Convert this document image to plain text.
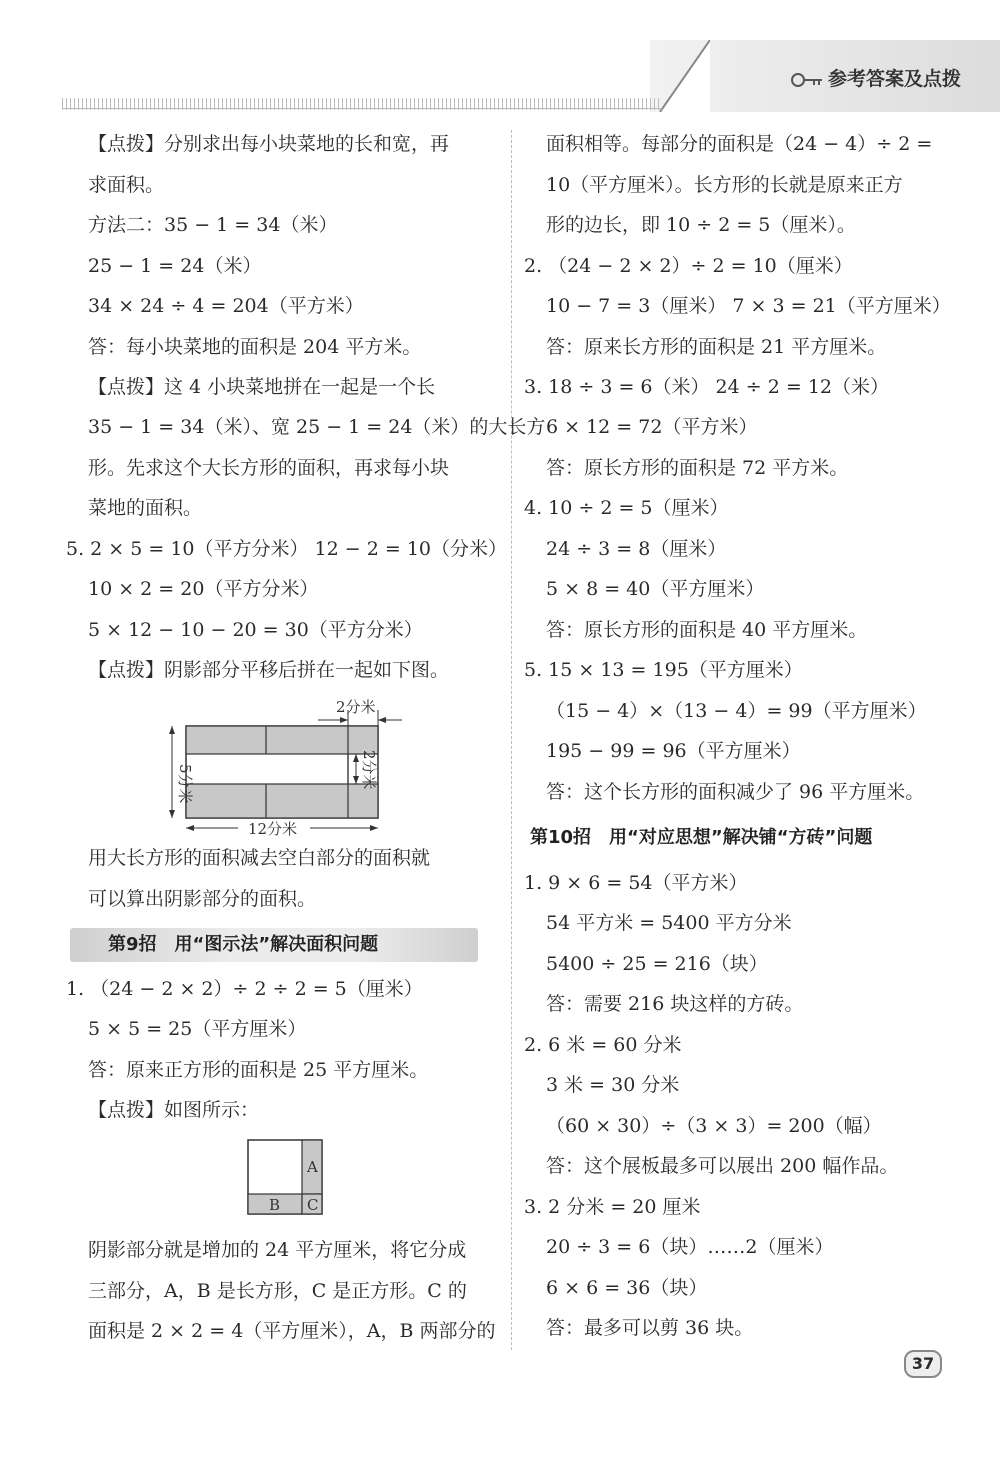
参考答案及点拨
【点拨】分别求出每小块菜地的长和宽，再
求面积。
方法二：35 − 1 = 34（米）
25 − 1 = 24（米）
34 × 24 ÷ 4 = 204（平方米）
答：每小块菜地的面积是 204 平方米。
【点拨】这 4 小块菜地拼在一起是一个长
35 − 1 = 34（米）、宽 25 − 1 = 24（米）的大长方
形。先求这个大长方形的面积，再求每小块
菜地的面积。
5. 2 × 5 = 10（平方分米） 12 − 2 = 10（分米）
10 × 2 = 20（平方分米）
5 × 12 − 10 − 20 = 30（平方分米）
【点拨】阴影部分平移后拼在一起如下图。
2分米
5分米	2分米
12分米
用大长方形的面积减去空白部分的面积就
可以算出阴影部分的面积。
第9招　用“图示法”解决面积问题
1. （24 − 2 × 2）÷ 2 ÷ 2 = 5（厘米）
5 × 5 = 25（平方厘米）
答：原来正方形的面积是 25 平方厘米。
【点拨】如图所示：
A
B C
阴影部分就是增加的 24 平方厘米，将它分成
三部分，A，B 是长方形，C 是正方形。C 的
面积是 2 × 2 = 4（平方厘米），A，B 两部分的
面积相等。每部分的面积是（24 − 4）÷ 2 =
10（平方厘米）。长方形的长就是原来正方
形的边长，即 10 ÷ 2 = 5（厘米）。
2. （24 − 2 × 2）÷ 2 = 10（厘米）
10 − 7 = 3（厘米） 7 × 3 = 21（平方厘米）
答：原来长方形的面积是 21 平方厘米。
3. 18 ÷ 3 = 6（米） 24 ÷ 2 = 12（米）
6 × 12 = 72（平方米）
答：原长方形的面积是 72 平方米。
4. 10 ÷ 2 = 5（厘米）
24 ÷ 3 = 8（厘米）
5 × 8 = 40（平方厘米）
答：原长方形的面积是 40 平方厘米。
5. 15 × 13 = 195（平方厘米）
（15 − 4）×（13 − 4）= 99（平方厘米）
195 − 99 = 96（平方厘米）
答：这个长方形的面积减少了 96 平方厘米。
第10招　用“对应思想”解决铺“方砖”问题
1. 9 × 6 = 54（平方米）
54 平方米 = 5400 平方分米
5400 ÷ 25 = 216（块）
答：需要 216 块这样的方砖。
2. 6 米 = 60 分米
3 米 = 30 分米
（60 × 30）÷（3 × 3）= 200（幅）
答：这个展板最多可以展出 200 幅作品。
3. 2 分米 = 20 厘米
20 ÷ 3 = 6（块）……2（厘米）
6 × 6 = 36（块）
答：最多可以剪 36 块。
37
